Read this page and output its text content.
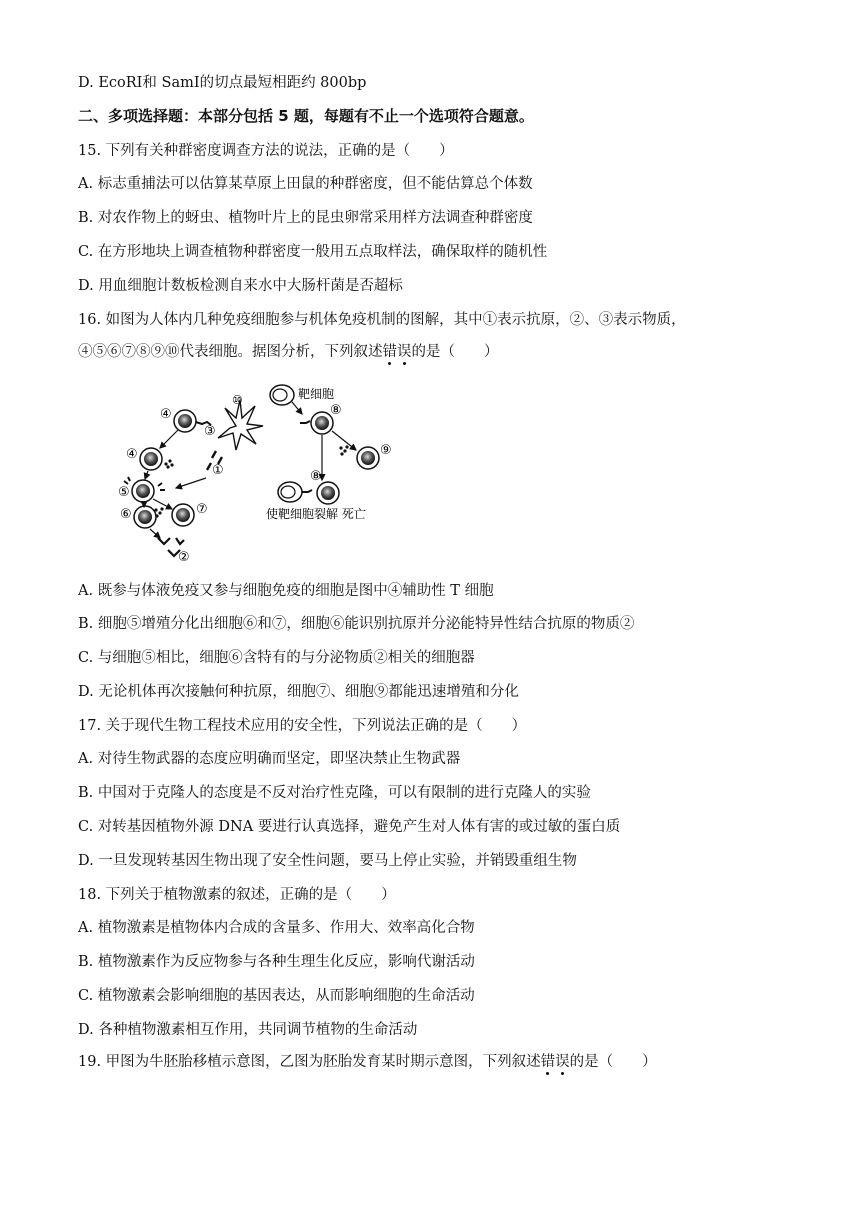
D. EcoRI和 SamI的切点最短相距约 800bp
二、多项选择题：本部分包括 5 题，每题有不止一个选项符合题意。
15. 下列有关种群密度调查方法的说法，正确的是（　　）
A. 标志重捕法可以估算某草原上田鼠的种群密度，但不能估算总个体数
B. 对农作物上的蚜虫、植物叶片上的昆虫卵常采用样方法调查种群密度
C. 在方形地块上调查植物种群密度一般用五点取样法，确保取样的随机性
D. 用血细胞计数板检测自来水中大肠杆菌是否超标
16. 如图为人体内几种免疫细胞参与机体免疫机制的图解，其中①表示抗原，②、③表示物质，
④⑤⑥⑦⑧⑨⑩代表细胞。据图分析，下列叙述错误的是（　　）
④
③
⑩
④
①
⑤
⑥	⑦
②
靶细胞
⑧
⑨
⑧
使靶细胞裂解 死亡
A. 既参与体液免疫又参与细胞免疫的细胞是图中④辅助性 T 细胞
B. 细胞⑤增殖分化出细胞⑥和⑦，细胞⑥能识别抗原并分泌能特异性结合抗原的物质②
C. 与细胞⑤相比，细胞⑥含特有的与分泌物质②相关的细胞器
D. 无论机体再次接触何种抗原，细胞⑦、细胞⑨都能迅速增殖和分化
17. 关于现代生物工程技术应用的安全性，下列说法正确的是（　　）
A. 对待生物武器的态度应明确而坚定，即坚决禁止生物武器
B. 中国对于克隆人的态度是不反对治疗性克隆，可以有限制的进行克隆人的实验
C. 对转基因植物外源 DNA 要进行认真选择，避免产生对人体有害的或过敏的蛋白质
D. 一旦发现转基因生物出现了安全性问题，要马上停止实验，并销毁重组生物
18. 下列关于植物激素的叙述，正确的是（　　）
A. 植物激素是植物体内合成的含量多、作用大、效率高化合物
B. 植物激素作为反应物参与各种生理生化反应，影响代谢活动
C. 植物激素会影响细胞的基因表达，从而影响细胞的生命活动
D. 各种植物激素相互作用，共同调节植物的生命活动
19. 甲图为牛胚胎移植示意图，乙图为胚胎发育某时期示意图，下列叙述错误的是（　　）
